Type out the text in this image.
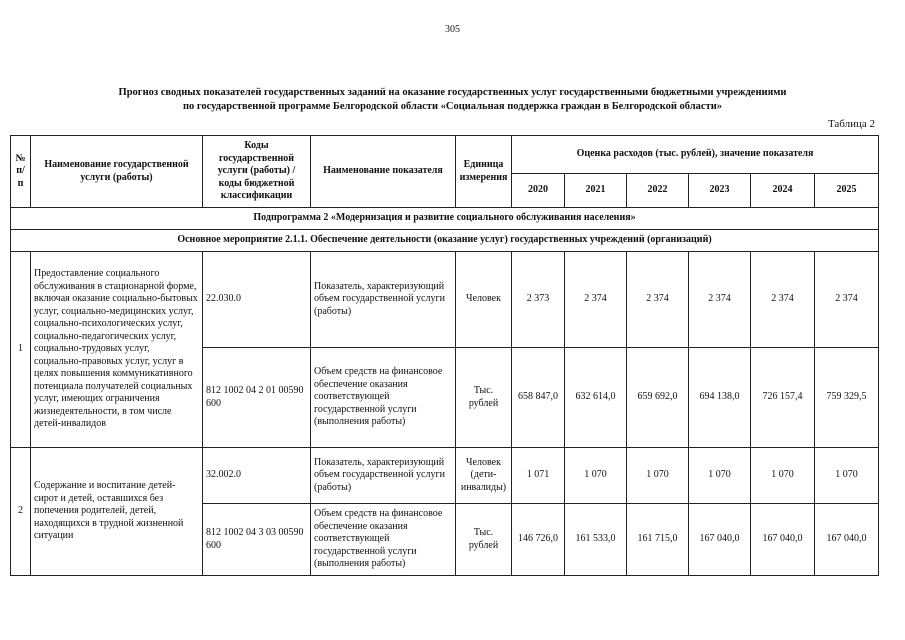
305
Прогноз сводных показателей государственных заданий на оказание государственных услуг государственными бюджетными учреждениями
по государственной программе Белгородской области «Социальная поддержка граждан в Белгородской области»
Таблица 2
№ п/п	Наименование государственной услуги (работы)	Коды государственной услуги (работы) / коды бюджетной классификации	Наименование показателя	Единица измерения	Оценка расходов (тыс. рублей), значение показателя					
					2020	2021	2022	2023	2024	2025
Подпрограмма 2 «Модернизация и развитие социального обслуживания населения»										
Основное мероприятие 2.1.1. Обеспечение деятельности (оказание услуг) государственных учреждений (организаций)										
1	Предоставление социального обслуживания в стационарной форме, включая оказание социально-бытовых услуг, социально-медицинских услуг, социально-психологических услуг, социально-педагогических услуг, социально-трудовых услуг, социально-правовых услуг, услуг в целях повышения коммуникативного потенциала получателей социальных услуг, имеющих ограничения жизнедеятельности, в том числе детей-инвалидов	22.030.0	Показатель, характеризующий объем государственной услуги (работы)	Человек	2 373	2 374	2 374	2 374	2 374	2 374
		812 1002 04 2 01 00590 600	Объем средств на финансовое обеспечение оказания соответствующей государственной услуги (выполнения работы)	Тыс. рублей	658 847,0	632 614,0	659 692,0	694 138,0	726 157,4	759 329,5
2	Содержание и воспитание детей-сирот и детей, оставшихся без попечения родителей, детей, находящихся в трудной жизненной ситуации	32.002.0	Показатель, характеризующий объем государственной услуги (работы)	Человек (дети-инвалиды)	1 071	1 070	1 070	1 070	1 070	1 070
		812 1002 04 3 03 00590 600	Объем средств на финансовое обеспечение оказания соответствующей государственной услуги (выполнения работы)	Тыс. рублей	146 726,0	161 533,0	161 715,0	167 040,0	167 040,0	167 040,0
